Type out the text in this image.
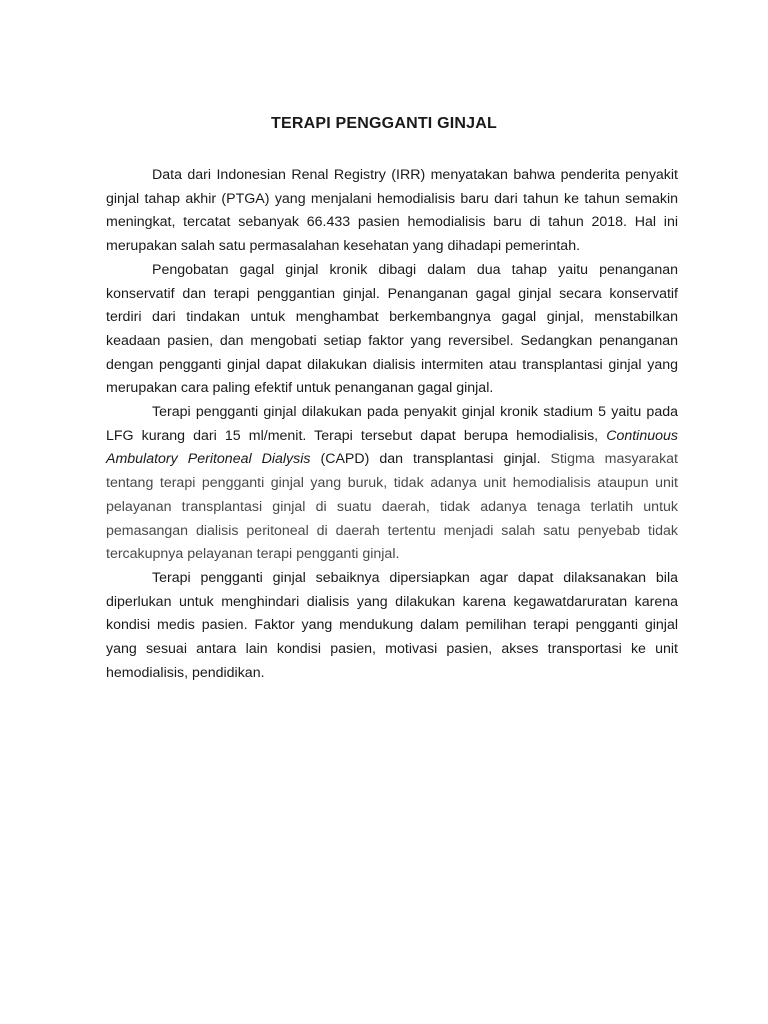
TERAPI PENGGANTI GINJAL

Data dari Indonesian Renal Registry (IRR) menyatakan bahwa penderita penyakit ginjal tahap akhir (PTGA) yang menjalani hemodialisis baru dari tahun ke tahun semakin meningkat, tercatat sebanyak 66.433 pasien hemodialisis baru di tahun 2018. Hal ini merupakan salah satu permasalahan kesehatan yang dihadapi pemerintah.

Pengobatan gagal ginjal kronik dibagi dalam dua tahap yaitu penanganan konservatif dan terapi penggantian ginjal. Penanganan gagal ginjal secara konservatif terdiri dari tindakan untuk menghambat berkembangnya gagal ginjal, menstabilkan keadaan pasien, dan mengobati setiap faktor yang reversibel. Sedangkan penanganan dengan pengganti ginjal dapat dilakukan dialisis intermiten atau transplantasi ginjal yang merupakan cara paling efektif untuk penanganan gagal ginjal.

Terapi pengganti ginjal dilakukan pada penyakit ginjal kronik stadium 5 yaitu pada LFG kurang dari 15 ml/menit. Terapi tersebut dapat berupa hemodialisis, Continuous Ambulatory Peritoneal Dialysis (CAPD) dan transplantasi ginjal. Stigma masyarakat tentang terapi pengganti ginjal yang buruk, tidak adanya unit hemodialisis ataupun unit pelayanan transplantasi ginjal di suatu daerah, tidak adanya tenaga terlatih untuk pemasangan dialisis peritoneal di daerah tertentu menjadi salah satu penyebab tidak tercakupnya pelayanan terapi pengganti ginjal.

Terapi pengganti ginjal sebaiknya dipersiapkan agar dapat dilaksanakan bila diperlukan untuk menghindari dialisis yang dilakukan karena kegawatdaruratan karena kondisi medis pasien. Faktor yang mendukung dalam pemilihan terapi pengganti ginjal yang sesuai antara lain kondisi pasien, motivasi pasien, akses transportasi ke unit hemodialisis, pendidikan.
